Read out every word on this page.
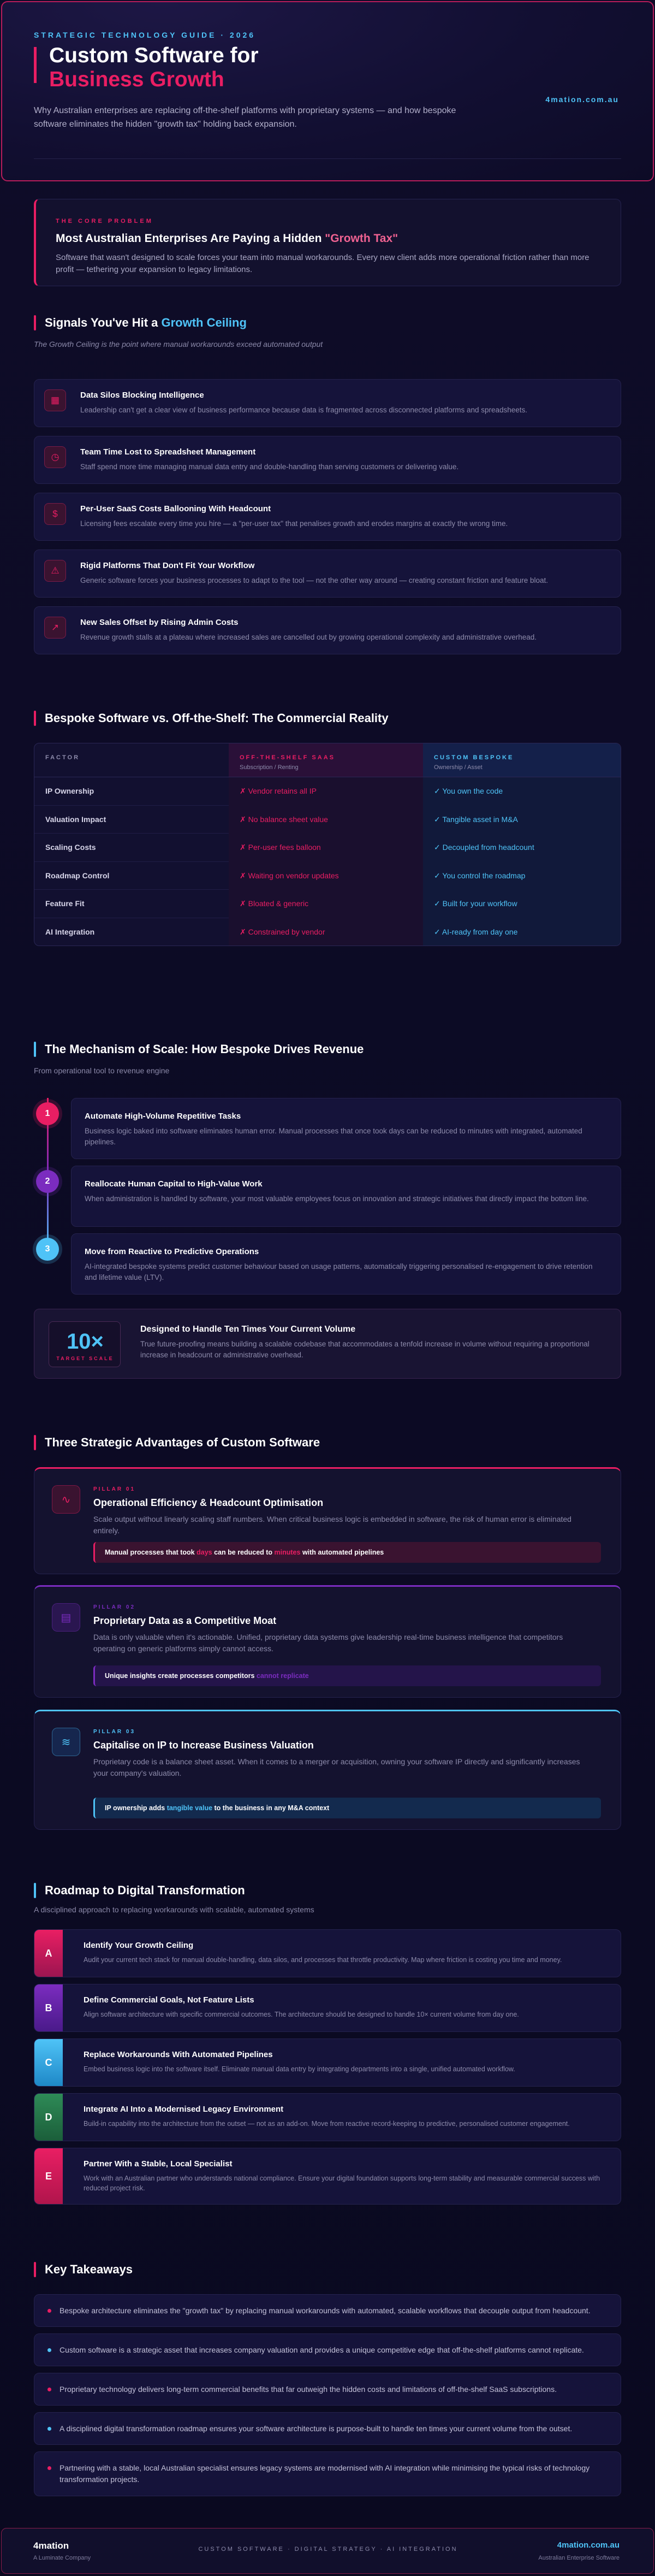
STRATEGIC TECHNOLOGY GUIDE · 2026
Custom Software for
Business Growth
Why Australian enterprises are replacing off-the-shelf platforms with proprietary systems — and how bespoke software eliminates the hidden "growth tax" holding back expansion.
4mation.com.au
THE CORE PROBLEM
Most Australian Enterprises Are Paying a Hidden "Growth Tax"
Software that wasn't designed to scale forces your team into manual workarounds. Every new client adds more operational friction rather than more profit — tethering your expansion to legacy limitations.
Signals You've Hit a Growth Ceiling
The Growth Ceiling is the point where manual workarounds exceed automated output
▦	Data Silos Blocking Intelligence
Leadership can't get a clear view of business performance because data is fragmented across disconnected platforms and spreadsheets.
◷	Team Time Lost to Spreadsheet Management
Staff spend more time managing manual data entry and double-handling than serving customers or delivering value.
$	Per-User SaaS Costs Ballooning With Headcount
Licensing fees escalate every time you hire — a "per-user tax" that penalises growth and erodes margins at exactly the wrong time.
⚠	Rigid Platforms That Don't Fit Your Workflow
Generic software forces your business processes to adapt to the tool — not the other way around — creating constant friction and feature bloat.
↗	New Sales Offset by Rising Admin Costs
Revenue growth stalls at a plateau where increased sales are cancelled out by growing operational complexity and administrative overhead.
Bespoke Software vs. Off-the-Shelf: The Commercial Reality
FACTOR	OFF-THE-SHELF SAAS
Subscription / Renting
CUSTOM BESPOKE
Ownership / Asset
IP Ownership	✗ Vendor retains all IP	✓ You own the code
Valuation Impact	✗ No balance sheet value	✓ Tangible asset in M&A
Scaling Costs	✗ Per-user fees balloon	✓ Decoupled from headcount
Roadmap Control	✗ Waiting on vendor updates	✓ You control the roadmap
Feature Fit	✗ Bloated & generic	✓ Built for your workflow
AI Integration	✗ Constrained by vendor	✓ AI-ready from day one
The Mechanism of Scale: How Bespoke Drives Revenue
From operational tool to revenue engine
1	Automate High-Volume Repetitive Tasks
Business logic baked into software eliminates human error. Manual processes that once took days can be reduced to minutes with integrated, automated pipelines.
2	Reallocate Human Capital to High-Value Work
When administration is handled by software, your most valuable employees focus on innovation and strategic initiatives that directly impact the bottom line.
3	Move from Reactive to Predictive Operations
AI-integrated bespoke systems predict customer behaviour based on usage patterns, automatically triggering personalised re-engagement to drive retention and lifetime value (LTV).
10×
TARGET SCALE
Designed to Handle Ten Times Your Current Volume
True future-proofing means building a scalable codebase that accommodates a tenfold increase in volume without requiring a proportional increase in headcount or administrative overhead.
Three Strategic Advantages of Custom Software
∿
PILLAR 01
Operational Efficiency & Headcount Optimisation
Scale output without linearly scaling staff numbers. When critical business logic is embedded in software, the risk of human error is eliminated entirely.
Manual processes that took days can be reduced to minutes with automated pipelines
▤
PILLAR 02
Proprietary Data as a Competitive Moat
Data is only valuable when it's actionable. Unified, proprietary data systems give leadership real-time business intelligence that competitors operating on generic platforms simply cannot access.
Unique insights create processes competitors cannot replicate
≋
PILLAR 03
Capitalise on IP to Increase Business Valuation
Proprietary code is a balance sheet asset. When it comes to a merger or acquisition, owning your software IP directly and significantly increases your company's valuation.
IP ownership adds tangible value to the business in any M&A context
Roadmap to Digital Transformation
A disciplined approach to replacing workarounds with scalable, automated systems
A
Identify Your Growth Ceiling
Audit your current tech stack for manual double-handling, data silos, and processes that throttle productivity. Map where friction is costing you time and money.
B
Define Commercial Goals, Not Feature Lists
Align software architecture with specific commercial outcomes. The architecture should be designed to handle 10× current volume from day one.
C
Replace Workarounds With Automated Pipelines
Embed business logic into the software itself. Eliminate manual data entry by integrating departments into a single, unified automated workflow.
D
Integrate AI Into a Modernised Legacy Environment
Build-in capability into the architecture from the outset — not as an add-on. Move from reactive record-keeping to predictive, personalised customer engagement.
E
Partner With a Stable, Local Specialist
Work with an Australian partner who understands national compliance. Ensure your digital foundation supports long-term stability and measurable commercial success with reduced project risk.
Key Takeaways
Bespoke architecture eliminates the "growth tax" by replacing manual workarounds with automated, scalable workflows that decouple output from headcount.
Custom software is a strategic asset that increases company valuation and provides a unique competitive edge that off-the-shelf platforms cannot replicate.
Proprietary technology delivers long-term commercial benefits that far outweigh the hidden costs and limitations of off-the-shelf SaaS subscriptions.
A disciplined digital transformation roadmap ensures your software architecture is purpose-built to handle ten times your current volume from the outset.
Partnering with a stable, local Australian specialist ensures legacy systems are modernised with AI integration while minimising the typical risks of technology transformation projects.
4mation
A Luminate Company
CUSTOM SOFTWARE · DIGITAL STRATEGY · AI INTEGRATION	4mation.com.au
Australian Enterprise Software
